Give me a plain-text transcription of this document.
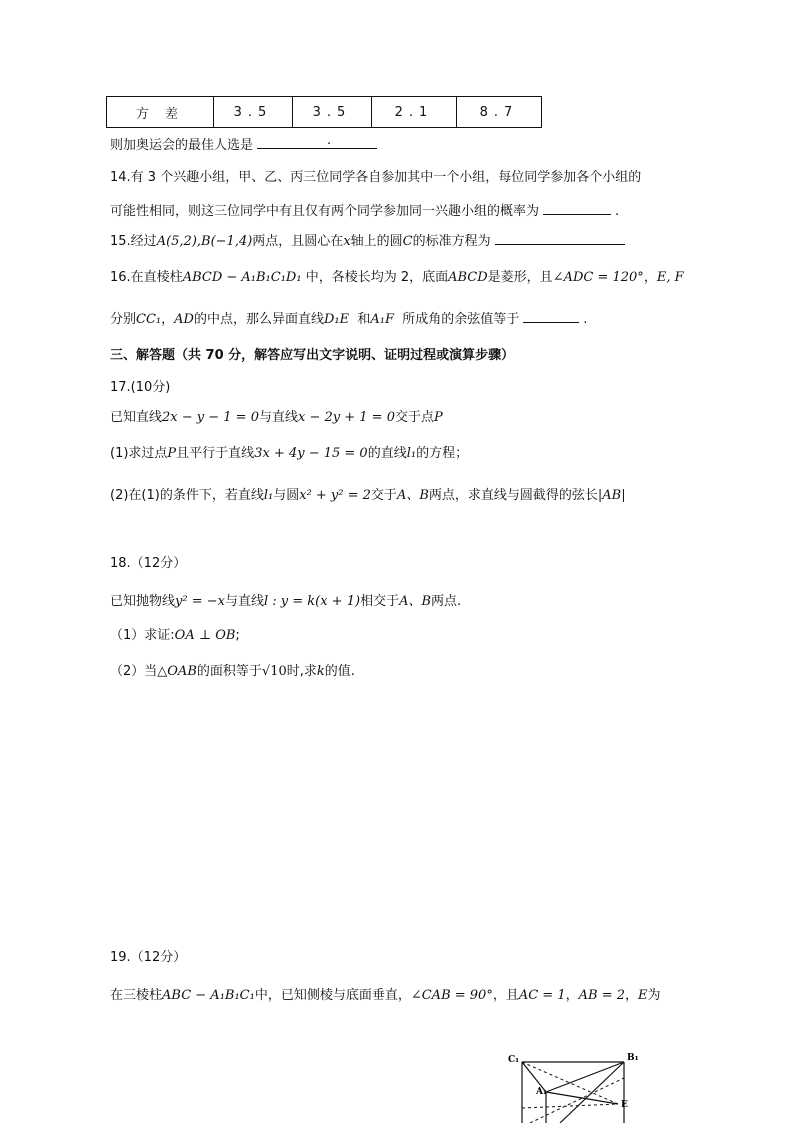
方 差	3.5	3.5	2.1	8.7
则加奥运会的最佳人选是	.
14.有 3 个兴趣小组，甲、乙、丙三位同学各自参加其中一个小组，每位同学参加各个小组的
可能性相同，则这三位同学中有且仅有两个同学参加同一兴趣小组的概率为	.
15.经过A(5,2),B(−1,4)两点，且圆心在x轴上的圆C的标准方程为
16.在直棱柱ABCD − A₁B₁C₁D₁ 中，各棱长均为 2，底面ABCD是菱形，且∠ADC = 120°，E, F
分别CC₁，AD的中点，那么异面直线D₁E 和A₁F 所成角的余弦值等于	.
三、解答题（共 70 分，解答应写出文字说明、证明过程或演算步骤）
17.(10分)
已知直线2x − y − 1 = 0与直线x − 2y + 1 = 0交于点P
(1)求过点P且平行于直线3x + 4y − 15 = 0的直线l₁的方程；
(2)在(1)的条件下，若直线l₁与圆x² + y² = 2交于A、B两点，求直线与圆截得的弦长|AB|
18.（12分）
已知抛物线y² = −x与直线l : y = k(x + 1)相交于A、B两点.
（1）求证:OA ⊥ OB;
（2）当△OAB的面积等于√10时,求k的值.
19.（12分）
在三棱柱ABC − A₁B₁C₁中，已知侧棱与底面垂直，∠CAB = 90°，且AC = 1，AB = 2，E为
C₁	B₁
A₁
E
